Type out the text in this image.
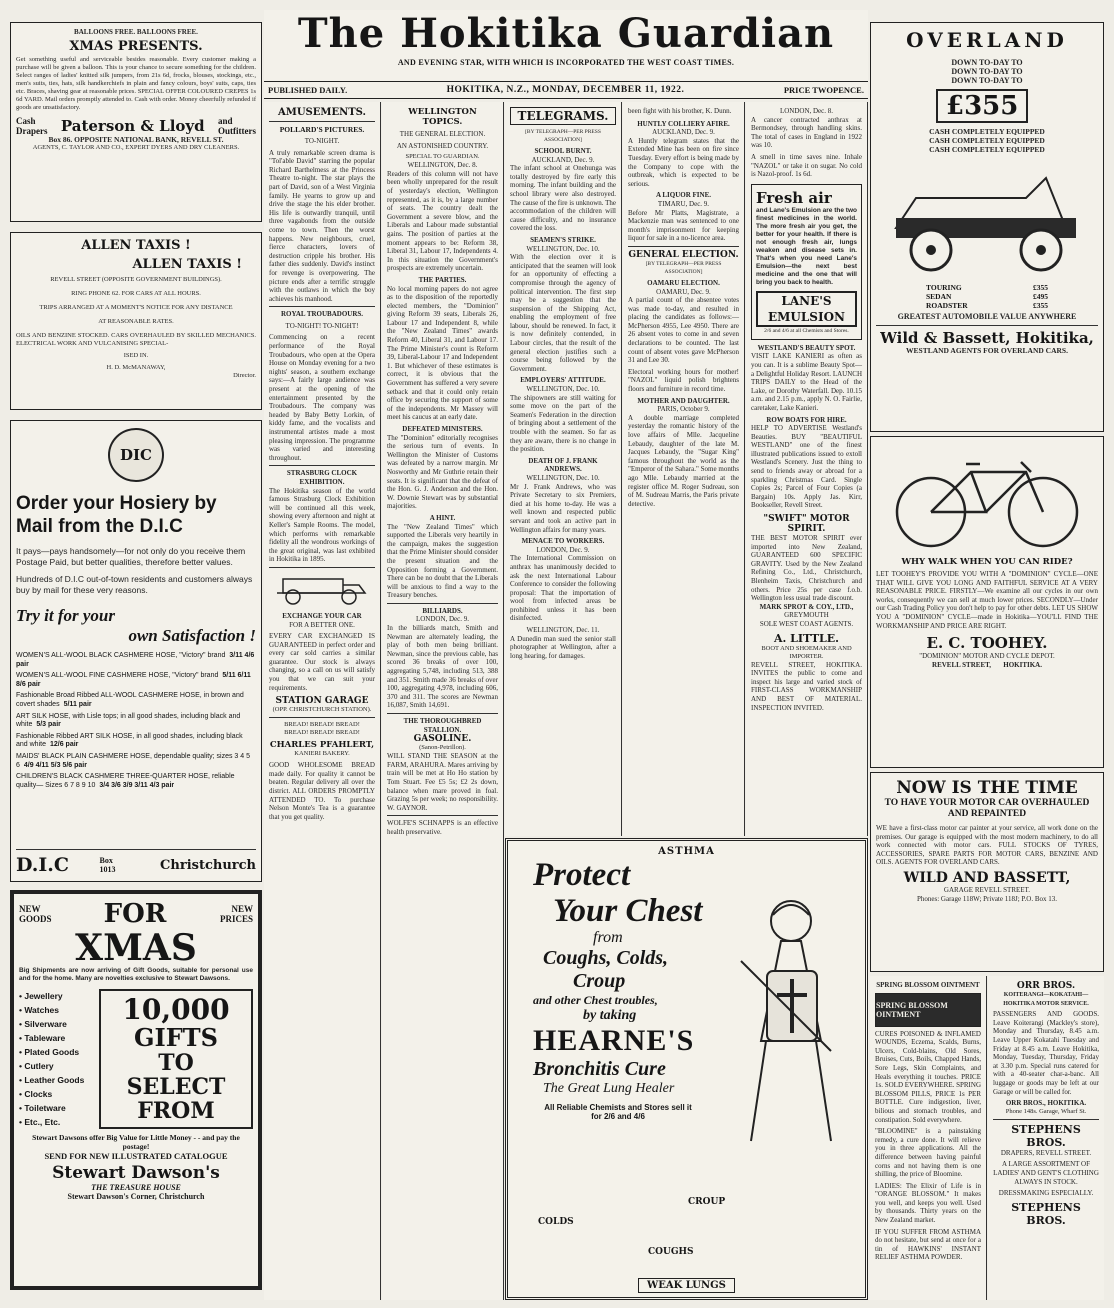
BALLOONS FREE. BALLOONS FREE.
XMAS PRESENTS.
Get something useful and serviceable besides reasonable. Every customer making a purchase will be given a balloon. This is your chance to secure something for the children. Select ranges of ladies' knitted silk jumpers, from 21s 6d, frocks, blouses, stockings, etc., men's suits, ties, hats, silk handkerchiefs in plain and fancy colours, boys' suits, caps, ties etc. Braces, shaving gear at reasonable prices. SPECIAL OFFER COLOURED CREPES 1s 6d YARD. Mail orders promptly attended to. Cash with order. Money cheerfully refunded if goods are unsatisfactory.
Cash
Drapers Paterson & Lloyd and
Outfitters
Box 86. OPPOSITE NATIONAL BANK, REVELL ST.
AGENTS, C. TAYLOR AND CO., EXPERT DYERS AND DRY CLEANERS.
ALLEN TAXIS !
ALLEN TAXIS !
REVELL STREET (OPPOSITE GOVERNMENT BUILDINGS).
RING PHONE 62. FOR CARS AT ALL HOURS.
TRIPS ARRANGED AT A MOMENT'S NOTICE FOR ANY DISTANCE
AT REASONABLE RATES.
OILS AND BENZINE STOCKED. CARS OVERHAULED BY SKILLED MECHANICS. ELECTRICAL WORK AND VULCANISING SPECIAL-
ISED IN.
H. D. McMANAWAY,
Director.
DIC
Order your Hosiery by Mail from the D.I.C
It pays—pays handsomely—for not only do you receive them Postage Paid, but better qualities, therefore better values.
Hundreds of D.I.C out-of-town residents and customers always buy by mail for these very reasons.
Try it for your
own Satisfaction !
WOMEN'S ALL-WOOL BLACK CASHMERE HOSE, "Victory" brand 3/11 4/6 pair
WOMEN'S ALL-WOOL FINE CASHMERE HOSE, "Victory" brand 5/11 6/11 8/6 pair
Fashionable Broad Ribbed ALL-WOOL CASHMERE HOSE, in brown and covert shades 5/11 pair
ART SILK HOSE, with Lisle tops; in all good shades, including black and white 5/3 pair
Fashionable Ribbed ART SILK HOSE, in all good shades, including black and white 12/6 pair
MAIDS' BLACK PLAIN CASHMERE HOSE, dependable quality; sizes 3 4 5 6 4/9 4/11 5/3 5/6 pair
CHILDREN'S BLACK CASHMERE THREE-QUARTER HOSE, reliable quality— Sizes 6 7 8 9 10 3/4 3/6 3/9 3/11 4/3 pair
D.I.C	Box 1013	Christchurch
NEW GOODS FOR	NEW PRICES
XMAS
Big Shipments are now arriving of Gift Goods, suitable for personal use and for the home. Many are novelties exclusive to Stewart Dawsons.
• Jewellery
• Watches
• Silverware
• Tableware
• Plated Goods
• Cutlery
• Leather Goods
• Clocks
• Toiletware
• Etc., Etc.
10,000
GIFTS
TO
SELECT
FROM
Stewart Dawsons offer Big Value for Little Money - - and pay the postage!
SEND FOR NEW ILLUSTRATED CATALOGUE
Stewart Dawson's
THE TREASURE HOUSE
Stewart Dawson's Corner, Christchurch
The Hokitika Guardian
AND EVENING STAR, WITH WHICH IS INCORPORATED THE WEST COAST TIMES.
PUBLISHED DAILY.	HOKITIKA, N.Z., MONDAY, DECEMBER 11, 1922.	PRICE TWOPENCE.
AMUSEMENTS.
POLLARD'S PICTURES.
TO-NIGHT.
A truly remarkable screen drama is "Tol'able David" starring the popular Richard Barthelmess at the Princess Theatre to-night. The star plays the part of David, son of a West Virginia family. He yearns to grow up and drive the stage the his elder brother. His life is outwardly tranquil, until three vagabonds from the outside come to town. Then the worst happens. New neighbours, cruel, fierce characters, lovers of destruction cripple his brother. His father dies suddenly. David's instinct for revenge is overpowering. The picture ends after a terrific struggle with the outlaws in which the boy achieves his manhood.
ROYAL TROUBADOURS.
TO-NIGHT! TO-NIGHT!
Commencing on a recent performance of the Royal Troubadours, who open at the Opera House on Monday evening for a two nights' season, a southern exchange says:—A fairly large audience was present at the opening of the entertainment presented by the Troubadours. The company was headed by Baby Betty Lorkin, of kiddy fame, and the vocalists and instrumental artistes made a most pleasing impression. The programme was varied and interesting throughout.
STRASBURG CLOCK EXHIBITION.
The Hokitika season of the world famous Strasburg Clock Exhibition will be continued all this week, showing every afternoon and night at Keller's Sample Rooms. The model, which performs with remarkable fidelity all the wondrous workings of the great original, was last exhibited in Hokitika in 1895.
EXCHANGE YOUR CAR
FOR A BETTER ONE.
EVERY CAR EXCHANGED IS GUARANTEED in perfect order and every car sold carries a similar guarantee. Our stock is always changing, so a call on us will satisfy you that we can suit your requirements.
STATION GARAGE
(OPP. CHRISTCHURCH STATION).
BREAD! BREAD! BREAD!
BREAD! BREAD! BREAD!
CHARLES PFAHLERT,
KANIERI BAKERY.
GOOD WHOLESOME BREAD made daily. For quality it cannot be beaten. Regular delivery all over the district. ALL ORDERS PROMPTLY ATTENDED TO. To purchase Nelson Monte's Tea is a guarantee that you get quality.
WELLINGTON TOPICS.
THE GENERAL ELECTION.
AN ASTONISHED COUNTRY.
SPECIAL TO GUARDIAN.
WELLINGTON, Dec. 8.
Readers of this column will not have been wholly unprepared for the result of yesterday's election, Wellington represented, as it is, by a large number of seats. The country dealt the Government a severe blow, and the Liberals and Labour made substantial gains. The position of parties at the moment appears to be: Reform 38, Liberal 31, Labour 17, Independents 4. In this situation the Government's prospects are extremely uncertain.
THE PARTIES.
No local morning papers do not agree as to the disposition of the reportedly elected members, the "Dominion" giving Reform 39 seats, Liberals 26, Labour 17 and Independent 8, while the "New Zealand Times" awards Reform 40, Liberal 31, and Labour 17. The Prime Minister's count is Reform 39, Liberal-Labour 17 and Independent 1. But whichever of these estimates is correct, it is obvious that the Government has suffered a very severe setback and that it could only retain office by securing the support of some of the independents. Mr Massey will meet his caucus at an early date.
DEFEATED MINISTERS.
The "Dominion" editorially recognises the serious turn of events. In Wellington the Minister of Customs was defeated by a narrow margin. Mr Nosworthy and Mr Guthrie retain their seats. It is significant that the defeat of the Hon. G. J. Anderson and the Hon. W. Downie Stewart was by substantial majorities.
A HINT.
The "New Zealand Times" which supported the Liberals very heartily in the campaign, makes the suggestion that the Prime Minister should consider the present situation and the Opposition forming a Government. There can be no doubt that the Liberals will be anxious to find a way to the Treasury benches.
BILLIARDS.
LONDON, Dec. 9.
In the billiards match, Smith and Newman are alternately leading, the play of both men being brilliant. Newman, since the previous cable, has scored 36 breaks of over 100, aggregating 5,748, including 513, 388 and 351. Smith made 36 breaks of over 100, aggregating 4,978, including 606, 370 and 311. The scores are Newman 16,087, Smith 14,691.
THE THOROUGHBRED STALLION.
GASOLINE.
(Sanon-Petrillon).
WILL STAND THE SEASON at the FARM, ARAHURA. Mares arriving by train will be met at Ho Ho station by Tom Stuart. Fee £5 5s; £2 2s down, balance when mare proved in foal. Grazing 5s per week; no responsibility. W. GAYNOR.
WOLFE'S SCHNAPPS is an effective health preservative.
TELEGRAMS.
[BY TELEGRAPH—PER PRESS ASSOCIATION]
SCHOOL BURNT.
AUCKLAND, Dec. 9.
The infant school at Onehunga was totally destroyed by fire early this morning. The infant building and the school library were also destroyed. The cause of the fire is unknown. The accommodation of the children will cause difficulty, and no insurance covered the loss.
SEAMEN'S STRIKE.
WELLINGTON, Dec. 10.
With the election over it is anticipated that the seamen will look for an opportunity of effecting a compromise through the agency of political intervention. The first step may be a suggestion that the suspension of the Shipping Act, enabling the employment of free labour, should be renewed. In fact, it is now definitely contended, in Labour circles, that the result of the general election justifies such a course being followed by the Government.
EMPLOYERS' ATTITUDE.
WELLINGTON, Dec. 10.
The shipowners are still waiting for some move on the part of the Seamen's Federation in the direction of bringing about a settlement of the trouble with the seamen. So far as they are aware, there is no change in the position.
DEATH OF J. FRANK ANDREWS.
WELLINGTON, Dec. 10.
Mr J. Frank Andrews, who was Private Secretary to six Premiers, died at his home to-day. He was a well known and respected public servant and took an active part in Wellington affairs for many years.
MENACE TO WORKERS.
LONDON, Dec. 9.
The International Commission on anthrax has unanimously decided to ask the next International Labour Conference to consider the following proposal: That the importation of wool from infected areas be prohibited unless it has been disinfected.
WELLINGTON, Dec. 11.
A Dunedin man sued the senior stall photographer at Wellington, after a long hearing, for damages.
been fight with his brother, K. Dunn.
HUNTLY COLLIERY AFIRE.
AUCKLAND, Dec. 9.
A Huntly telegram states that the Extended Mine has been on fire since Tuesday. Every effort is being made by the Company to cope with the outbreak, which is expected to be serious.
A LIQUOR FINE.
TIMARU, Dec. 9.
Before Mr Platts, Magistrate, a Mackenzie man was sentenced to one month's imprisonment for keeping liquor for sale in a no-licence area.
GENERAL ELECTION.
[BY TELEGRAPH—PER PRESS ASSOCIATION]
OAMARU ELECTION.
OAMARU, Dec. 9.
A partial count of the absentee votes was made to-day, and resulted in placing the candidates as follows:— McPherson 4955, Lee 4950. There are 26 absent votes to come in and seven declarations to be counted. The last count of absent votes gave McPherson 31 and Lee 30.
Electoral working hours for mother! "NAZOL" liquid polish brightens floors and furniture in record time.
MOTHER AND DAUGHTER.
PARIS, October 9.
A double marriage completed yesterday the romantic history of the love affairs of Mlle. Jacqueline Lebaudy, daughter of the late M. Jacques Lebaudy, the "Sugar King" famous throughout the world as the "Emperor of the Sahara." Some months ago Mlle. Lebaudy married at the register office M. Roger Sudreau, son of M. Sudreau Marris, the Paris private detective.
LONDON, Dec. 8.
A cancer contracted anthrax at Bermondsey, through handling skins. The total of cases in England in 1922 was 10.
A smell in time saves nine. Inhale "NAZOL" or take it on sugar. No cold is Nazol-proof. 1s 6d.
Fresh air
and Lane's Emulsion are the two finest medicines in the world. The more fresh air you get, the better for your health. If there is not enough fresh air, lungs weaken and disease sets in. That's when you need Lane's Emulsion—the next best medicine and the one that will bring you back to health.
LANE'S EMULSION
2/6 and 4/6 at all Chemists and Stores.
WESTLAND'S BEAUTY SPOT.
VISIT LAKE KANIERI as often as you can. It is a sublime Beauty Spot—a Delightful Holiday Resort. LAUNCH TRIPS DAILY to the Head of the Lake, or Dorothy Waterfall. Dep. 10.15 a.m. and 2.15 p.m., apply N. O. Fairlie, caretaker, Lake Kanieri.
ROW BOATS FOR HIRE.
HELP TO ADVERTISE Westland's Beauties. BUY "BEAUTIFUL WESTLAND" one of the finest illustrated publications issued to extoll Westland's Scenery. Just the thing to send to friends away or abroad for a sparkling Christmas Card. Single Copies 2s; Parcel of Four Copies (a Bargain) 10s. Apply Jas. Kirr, Bookseller, Revell Street.
"SWIFT" MOTOR SPIRIT.
THE BEST MOTOR SPIRIT ever imported into New Zealand, GUARANTEED 600 SPECIFIC GRAVITY. Used by the New Zealand Refining Co., Ltd., Christchurch, Blenheim Taxis, Christchurch and others. Price 25s per case f.o.b. Wellington less usual trade discount.
MARK SPROT & COY., LTD.,
GREYMOUTH
SOLE WEST COAST AGENTS.
A. LITTLE.
BOOT AND SHOEMAKER AND IMPORTER.
REVELL STREET, HOKITIKA. INVITES the public to come and inspect his large and varied stock of FIRST-CLASS WORKMANSHIP AND BEST OF MATERIAL. INSPECTION INVITED.
ASTHMA
Protect
Your Chest
from
Coughs, Colds,
Croup
and other Chest troubles,
by taking
HEARNE'S
Bronchitis Cure
The Great Lung Healer
All Reliable Chemists and Stores sell it for 2/6 and 4/6
COLDS
CROUP
COUGHS
WEAK LUNGS
OVERLAND
DOWN TO-DAY TO
DOWN TO-DAY TO
DOWN TO-DAY TO
£355
CASH COMPLETELY EQUIPPED
CASH COMPLETELY EQUIPPED
CASH COMPLETELY EQUIPPED
TOURING	£355
SEDAN	£495
ROADSTER	£355
GREATEST AUTOMOBILE VALUE ANYWHERE
Wild & Bassett, Hokitika,
WESTLAND AGENTS FOR OVERLAND CARS.
WHY WALK WHEN YOU CAN RIDE?
LET TOOHEY'S PROVIDE YOU WITH A "DOMINION" CYCLE—ONE THAT WILL GIVE YOU LONG AND FAITHFUL SERVICE AT A VERY REASONABLE PRICE. FIRSTLY—We examine all our cycles in our own works, consequently we can sell at much lower prices. SECONDLY—Under our Cash Trading Policy you don't help to pay for other debts. LET US SHOW YOU A "DOMINION" CYCLE—made in Hokitika—YOU'LL FIND THE WORKMANSHIP AND PRICE ARE RIGHT.
E. C. TOOHEY.
"DOMINION" MOTOR AND CYCLE DEPOT.
REVELL STREET,       HOKITIKA.
NOW IS THE TIME
TO HAVE YOUR MOTOR CAR OVERHAULED AND REPAINTED
WE have a first-class motor car painter at your service, all work done on the premises. Our garage is equipped with the most modern machinery, to do all work connected with motor cars. FULL STOCKS OF TYRES, ACCESSORIES, SPARE PARTS FOR MOTOR CARS, BENZINE AND OILS. AGENTS FOR OVERLAND CARS.
WILD AND BASSETT,
GARAGE REVELL STREET.
Phones: Garage 118W; Private 118J; P.O. Box 13.
SPRING BLOSSOM OINTMENT
SPRING BLOSSOM OINTMENT
CURES POISONED & INFLAMED WOUNDS, Eczema, Scalds, Burns, Ulcers, Cold-blains, Old Sores, Bruises, Cuts, Boils, Chapped Hands, Sore Legs, Skin Complaints, and Heals everything it touches. PRICE 1s. SOLD EVERYWHERE. SPRING BLOSSOM PILLS, PRICE 1s PER BOTTLE. Cure indigestion, liver, bilious and stomach troubles, and constipation. Sold everywhere.
"BLOOMINE" is a painstaking remedy, a cure done. It will relieve you in three applications. All the difference between having painful corns and not having them is one shilling, the price of Bloomine.
LADIES: The Elixir of Life is in "ORANGE BLOSSOM." It makes you well, and keeps you well. Used by thousands. Thirty years on the New Zealand market.
IF YOU SUFFER FROM ASTHMA do not hesitate, but send at once for a tin of HAWKINS' INSTANT RELIEF ASTHMA POWDER.
ORR BROS.
KOITERANGI—KOKATAHI—HOKITIKA MOTOR SERVICE.
PASSENGERS AND GOODS. Leave Koiterangi (Mackley's store), Monday and Thursday, 8.45 a.m. Leave Upper Kokatahi Tuesday and Friday at 8.45 a.m. Leave Hokitika, Monday, Tuesday, Thursday, Friday at 3.30 p.m. Special runs catered for with a 40-seater char-a-banc. All luggage or goods may be left at our Garage or will be called for.
ORR BROS., HOKITIKA.
Phone 148s. Garage, Wharf St.
STEPHENS BROS.
DRAPERS, REVELL STREET.
A LARGE ASSORTMENT OF LADIES' AND GENT'S CLOTHING ALWAYS IN STOCK.
DRESSMAKING ESPECIALLY.
STEPHENS BROS.
